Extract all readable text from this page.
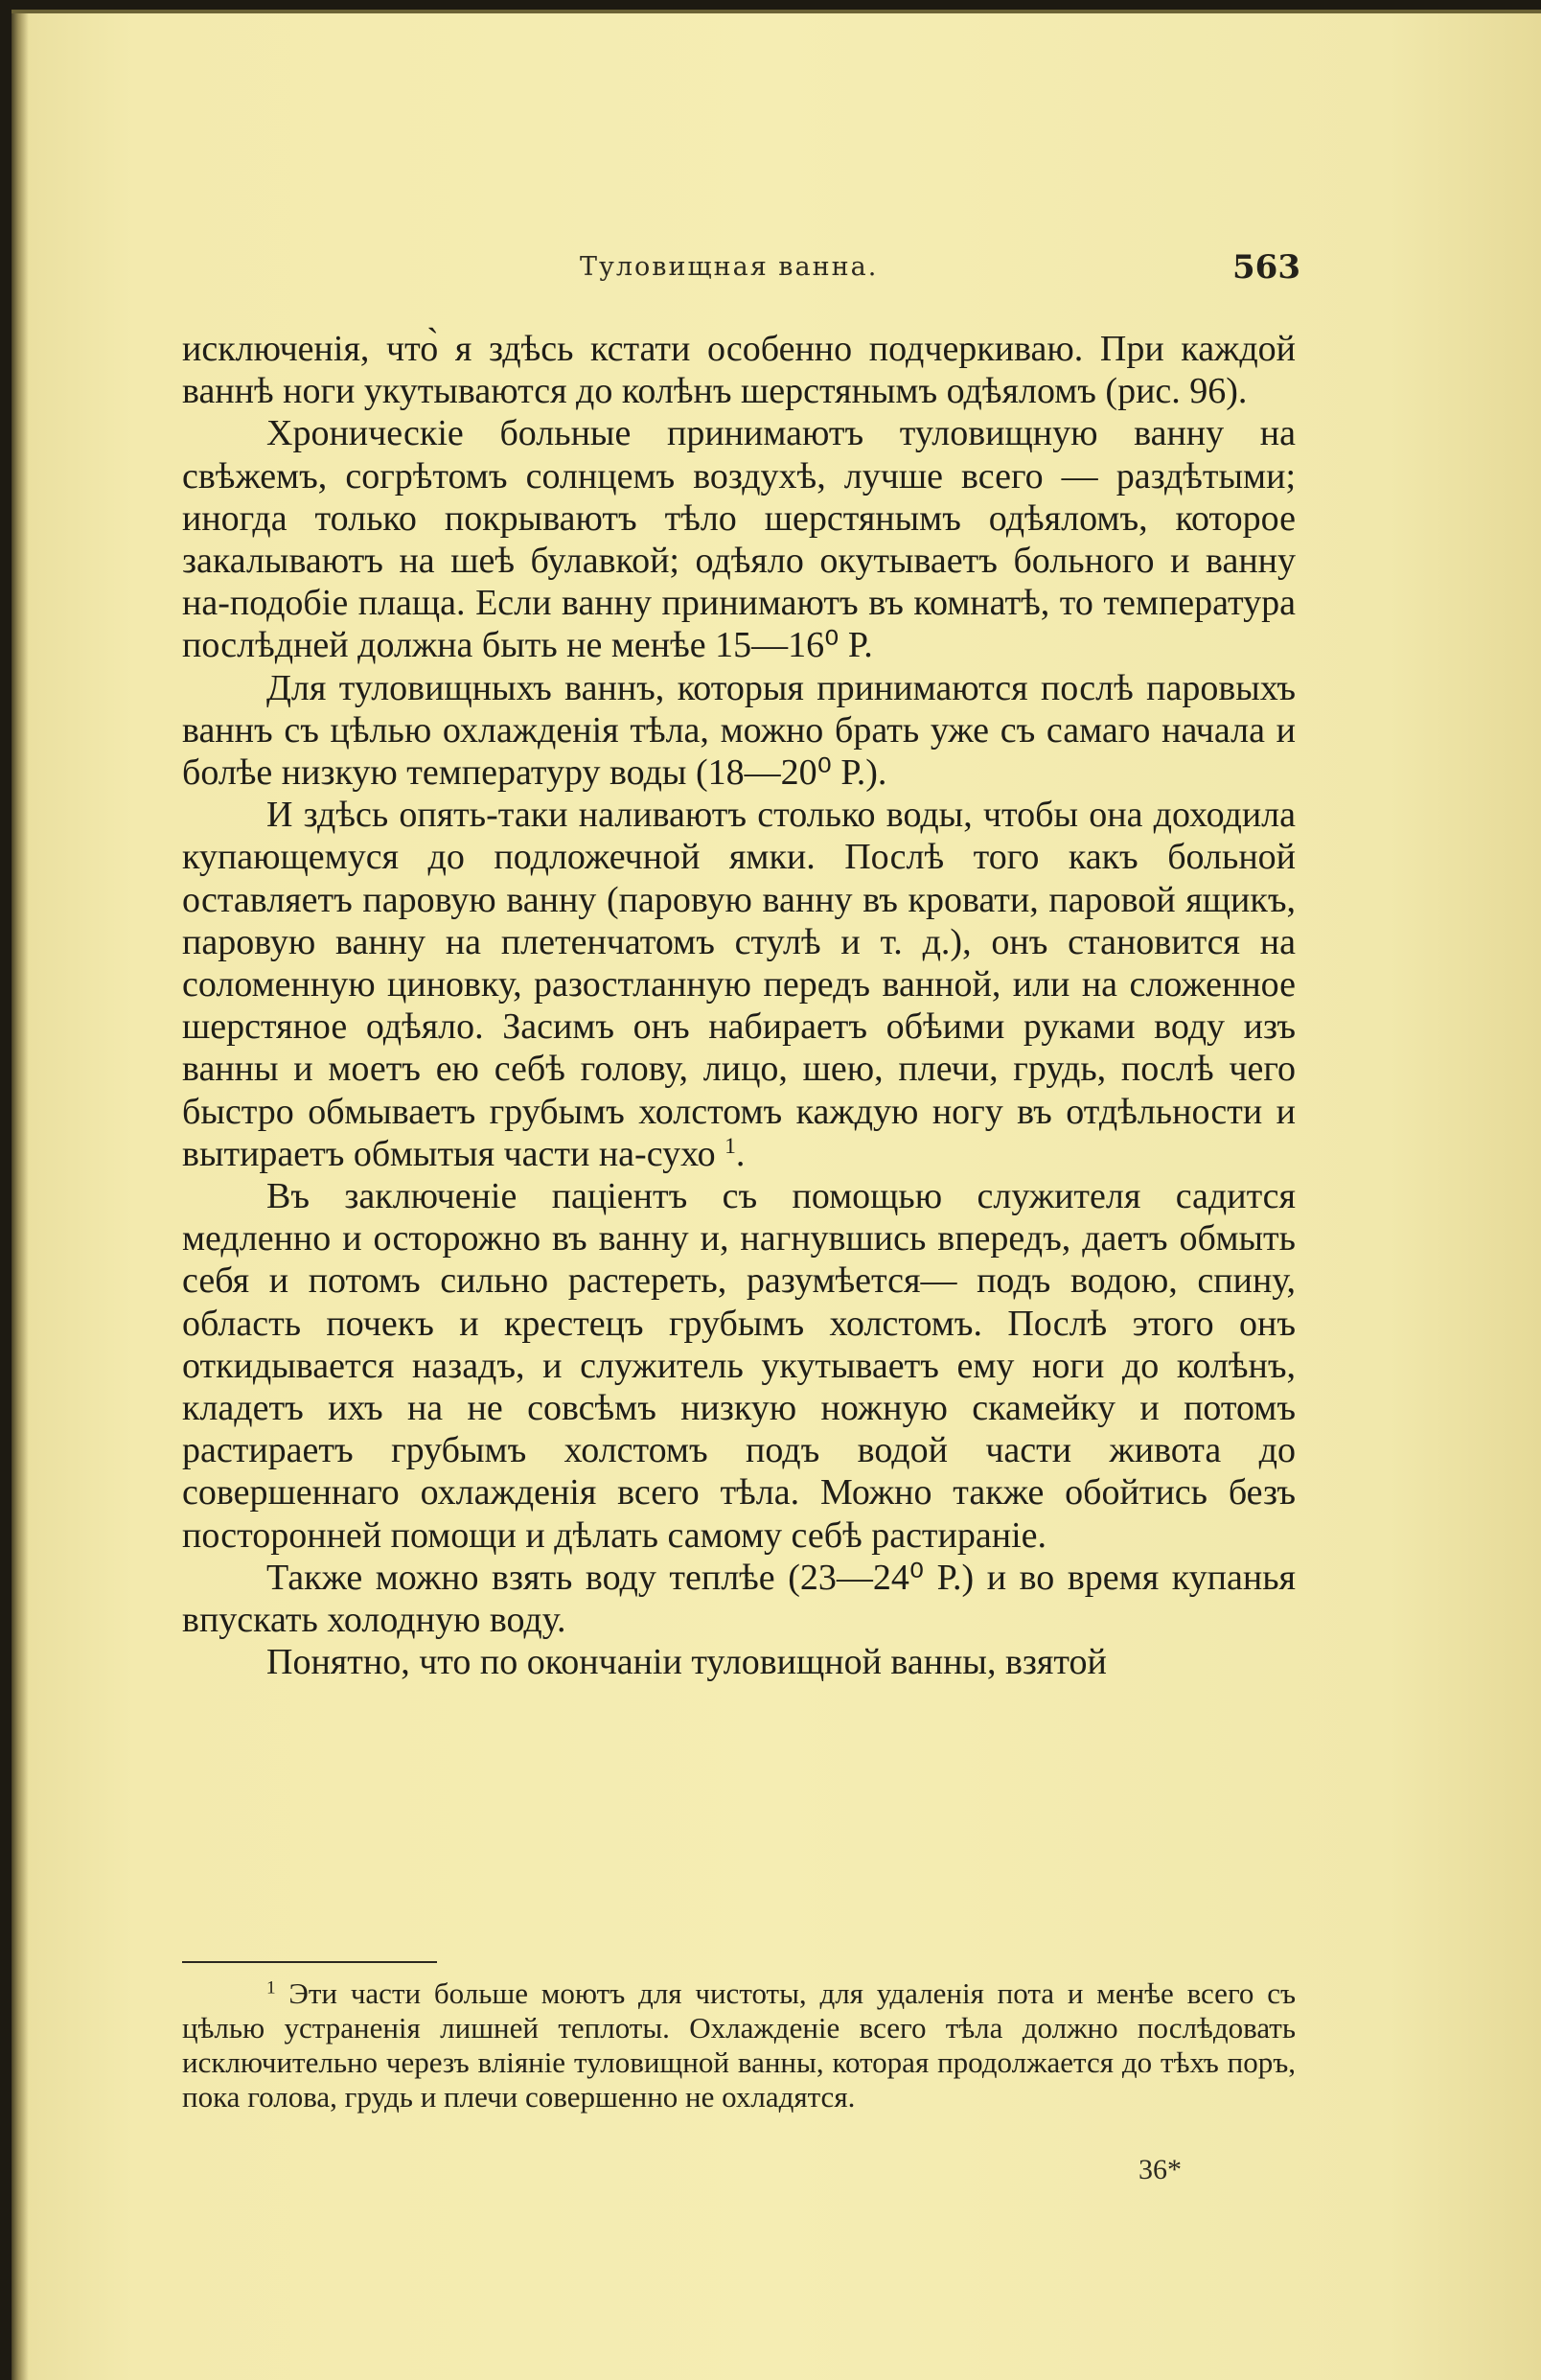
Туловищная ванна.	563

исключенія, что̀ я здѣсь кстати особенно подчеркиваю. При каждой ваннѣ ноги укутываются до колѣнъ шерстянымъ одѣяломъ (рис. 96).

Хроническіе больные принимаютъ туловищную ванну на свѣжемъ, согрѣтомъ солнцемъ воздухѣ, лучше всего — раздѣтыми; иногда только покрываютъ тѣло шерстянымъ одѣяломъ, которое закалываютъ на шеѣ булавкой; одѣяло окутываетъ больного и ванну на-подобіе плаща. Если ванну принимаютъ въ комнатѣ, то температура послѣдней должна быть не менѣе 15—16⁰ Р.

Для туловищныхъ ваннъ, которыя принимаются послѣ паровыхъ ваннъ съ цѣлью охлажденія тѣла, можно брать уже съ самаго начала и болѣе низкую температуру воды (18—20⁰ Р.).

И здѣсь опять-таки наливаютъ столько воды, чтобы она доходила купающемуся до подложечной ямки. Послѣ того какъ больной оставляетъ паровую ванну (паровую ванну въ кровати, паровой ящикъ, паровую ванну на плетенчатомъ стулѣ и т. д.), онъ становится на соломенную циновку, разостланную передъ ванной, или на сложенное шерстяное одѣяло. Засимъ онъ набираетъ обѣими руками воду изъ ванны и моетъ ею себѣ голову, лицо, шею, плечи, грудь, послѣ чего быстро обмываетъ грубымъ холстомъ каждую ногу въ отдѣльности и вытираетъ обмытыя части на-сухо $^1$.

Въ заключеніе паціентъ съ помощью служителя садится медленно и осторожно въ ванну и, нагнувшись впередъ, даетъ обмыть себя и потомъ сильно растереть, разумѣется— подъ водою, спину, область почекъ и крестецъ грубымъ холстомъ. Послѣ этого онъ откидывается назадъ, и служитель укутываетъ ему ноги до колѣнъ, кладетъ ихъ на не совсѣмъ низкую ножную скамейку и потомъ растираетъ грубымъ холстомъ подъ водой части живота до совершеннаго охлажденія всего тѣла. Можно также обойтись безъ посторонней помощи и дѣлать самому себѣ растираніе.

Также можно взять воду теплѣе (23—24⁰ Р.) и во время купанья впускать холодную воду.

Понятно, что по окончаніи туловищной ванны, взятой

$^1$ Эти части больше моютъ для чистоты, для удаленія пота и менѣе всего съ цѣлью устраненія лишней теплоты. Охлажденіе всего тѣла должно послѣдовать исключительно черезъ вліяніе туловищной ванны, которая продолжается до тѣхъ поръ, пока голова, грудь и плечи совершенно не охладятся.
36*
